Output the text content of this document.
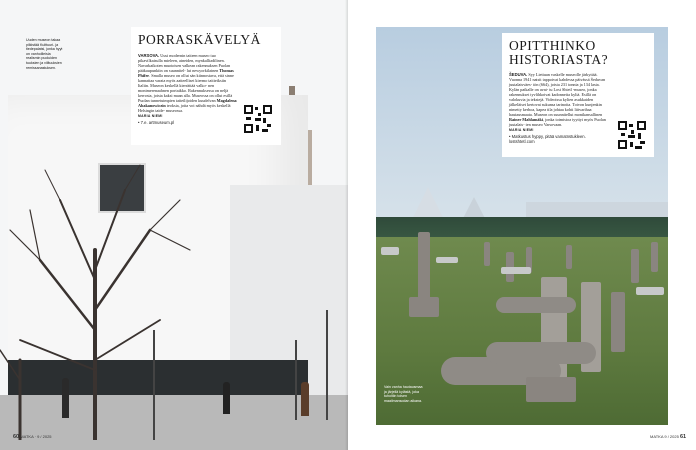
Uuden museon takaa pilkistää Kulttuuri- ja tiedepalatsi, jonka hyyt on vanhoilleisia realismin puoluiden tuuksien ja viiltuuksien remissanastuksen.
PORRASKÄVELYÄ
VARSOVA. Uusi modernin taiteen museo tuo pikavilkaisulla mieleen, aineiden, mynkalliadilinen. Navarkaikoten muotoisen valkean rakennuksen Puolan pääkaupunkiin on suunnitel- lut newyorkilainen Thomas Phifer. Smalla museo on ollut sän kiinnostava, että sinne kannattaa varata myös aatteelliset kiermo taitteiksiin Italiin. Museon keskellä kierrättää valko- nen monimerenaahnen portaikko. Rakennuksessa on neljä kerrosta, joista kaksi maan alla. Museossa on ollut esillä Puolan tunnetuimpien taiteilijoiden kuudelvan Magdalena Abakanowiczin teoksia, joita voi nähdä myös keskellä Helsingin taide- museossa.
MARIA NIEMI
• 7.e. artmuseum.pl
60 MATKA · 9 / 2025
Vain vanha hautausmaa ja järjellä kylästä, joka tuhoitiin toisen maailmansodan aikana.
OPITTHINKO
HISTORIASTA?
ŠEDUVA. Syy Liettuan vaskelle museolle järkyttää. Vuonna 1941 natsit tappoivat kahdessa päivässä Šeduvan juutalaisväes- tön (664), joista 231 tonnia ja 134 lasta. Kylän paikalle on avat- tu Lost Shtetl -museo, jonka rakennukset tyvlihkoivat kadonneita kyliä. Esillä on valokuvia ja tekstejä. Videoissa kylien asukkaiden jälkeläiset kertovat sukunsa tarinoita. Toivon kunjenkin nimetty kerhoa, kapea tila johtaa kohti liitvarihaa hautausmaata. Museon on suunnitellut monikansallinen Rainer Mahlamäki, jonka toimistoa tyyttyi myös Puolan juutalais- ten museo Varsovaan.
MARIA NIEMI
• Matkustus hyppy, pitää vamatnstukleen. lostshtetl.com
MATKA 9 / 2025 61
